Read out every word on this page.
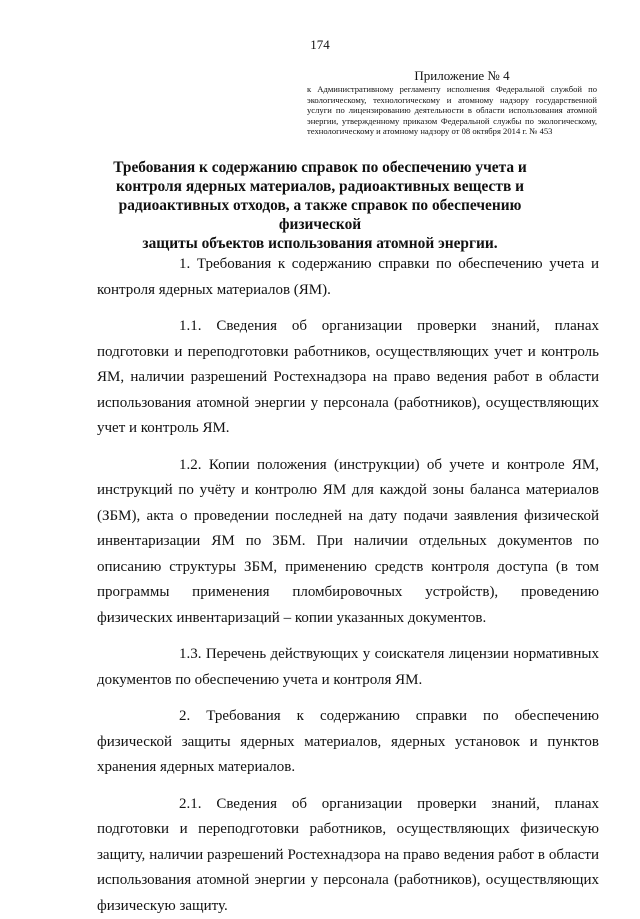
174
Приложение № 4
к Административному регламенту исполнения Федеральной службой по экологическому, технологическому и атомному надзору государственной услуги по лицензированию деятельности в области использования атомной энергии, утвержденному приказом Федеральной службы по экологическому, технологическому и атомному надзору от 08 октября 2014 г. № 453
Требования к содержанию справок по обеспечению учета и
контроля ядерных материалов, радиоактивных веществ и
радиоактивных отходов, а также справок по обеспечению физической
защиты объектов использования атомной энергии.

1. Требования к содержанию справки по обеспечению учета и контроля ядерных материалов (ЯМ).

1.1. Сведения об организации проверки знаний, планах подготовки и переподготовки работников, осуществляющих учет и контроль ЯМ, наличии разрешений Ростехнадзора на право ведения работ в области использования атомной энергии у персонала (работников), осуществляющих учет и контроль ЯМ.

1.2. Копии положения (инструкции) об учете и контроле ЯМ, инструкций по учёту и контролю ЯМ для каждой зоны баланса материалов (ЗБМ), акта о проведении последней на дату подачи заявления физической инвентаризации ЯМ по ЗБМ. При наличии отдельных документов по описанию структуры ЗБМ, применению средств контроля доступа (в том программы применения пломбировочных устройств), проведению физических инвентаризаций – копии указанных документов.

1.3. Перечень действующих у соискателя лицензии нормативных документов по обеспечению учета и контроля ЯМ.

2. Требования к содержанию справки по обеспечению физической защиты ядерных материалов, ядерных установок и пунктов хранения ядерных материалов.

2.1. Сведения об организации проверки знаний, планах подготовки и переподготовки работников, осуществляющих физическую защиту, наличии разрешений Ростехнадзора на право ведения работ в области использования атомной энергии у персонала (работников), осуществляющих физическую защиту.
